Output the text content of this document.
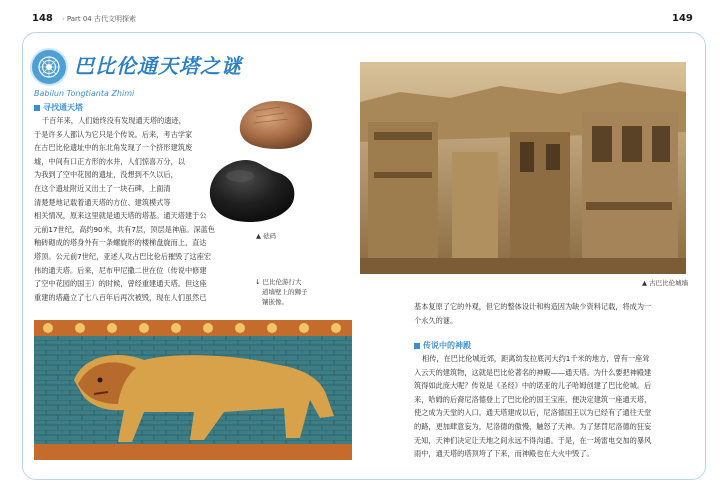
148 › Part 04 古代文明探索	149
巴比伦通天塔之谜
Babilun Tongtianta Zhimi
寻找通天塔
千百年来，人们始终没有发现通天塔的遗迹，
于是许多人都认为它只是个传说。后来，考古学家
在古巴比伦遗址中的东北角发现了一个挤形建筑废
墟，中间有口正方形的水井，人们惊喜万分，以
为我到了空中花园的遗址，没想到不久以后，
在这个遗址附近又出土了一块石碑，上面清
清楚楚地记载着通天塔的方位、建筑模式等
相关情况，原来这里就是通天塔的塔基。通天塔建于公
元前17世纪，高约90米，共有7层，顶层是神庙。深蓝色
釉砖砌成的塔身外有一条螺旋形的楼梯盘旋而上，直达
塔顶。公元前7世纪，亚述人攻占巴比伦后摧毁了这座宏
伟的通天塔。后来，尼布甲尼撒二世在位（传说中修建
了空中花园的国王）的时候，曾经重建通天塔。但这座
重建的塔矗立了七八百年后再次被毁，现在人们虽然已
▲ 砝码
↓ 巴比伦游行大
道墙壁上的狮子
镶嵌像。
▲ 古巴比伦城墙
基本复原了它的外观，但它的整体设计和构造因为缺少资料记载，将成为一
个永久的谜。
传说中的神殿
相传，在巴比伦城近郊，距离幼发拉底河大约1千米的地方，曾有一座耸
入云天的建筑物，这就是巴比伦著名的神殿——通天塔。为什么要把神殿建
筑得如此庞大呢？传说是《圣经》中的诺亚的儿子哈姆创建了巴比伦城。后
来，哈姆的后裔尼洛德登上了巴比伦的国王宝座，便决定建筑一座通天塔，
使之成为天堂的入口。通天塔建成以后，尼洛德国王以为已经有了通往天堂
的路，更加肆意妄为，尼洛德的傲慢，触怒了天神。为了惩罚尼洛德的狂妄
无知，天神们决定让天地之间永远不得沟通。于是，在一场雷电交加的暴风
雨中，通天塔的塔顶垮了下来，而神殿也在大火中毁了。
